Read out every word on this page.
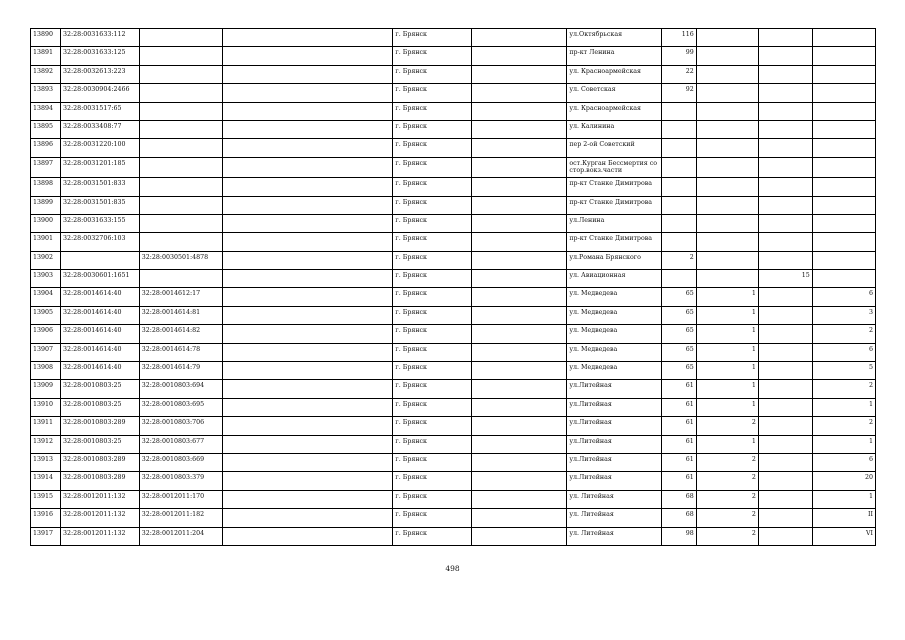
13890	32:28:0031633:112			г. Брянск		ул.Октябрьская	116			
13891	32:28:0031633:125			г. Брянск		пр-кт Ленина	99			
13892	32:28:0032613:223			г. Брянск		ул. Красноармейская	22			
13893	32:28:0030904:2466			г. Брянск		ул. Советская	92			
13894	32:28:0031517:65			г. Брянск		ул. Красноармейская				
13895	32:28:0033408:77			г. Брянск		ул. Калинина				
13896	32:28:0031220:100			г. Брянск		пер 2-ой Советский				
13897	32:28:0031201:185			г. Брянск		ост.Курган Бессмертия со стор.вокз.части				
13898	32:28:0031501:833			г. Брянск		пр-кт Станке Димитрова				
13899	32:28:0031501:835			г. Брянск		пр-кт Станке Димитрова				
13900	32:28:0031633:155			г. Брянск		ул.Ленина				
13901	32:28:0032706:103			г. Брянск		пр-кт Станке Димитрова				
13902		32:28:0030501:4878		г. Брянск		ул.Романа Брянского	2			
13903	32:28:0030601:1651			г. Брянск		ул. Авиационная			15	
13904	32:28:0014614:40	32:28:0014612:17		г. Брянск		ул. Медведева	65	1		6
13905	32:28:0014614:40	32:28:0014614:81		г. Брянск		ул. Медведева	65	1		3
13906	32:28:0014614:40	32:28:0014614:82		г. Брянск		ул. Медведева	65	1		2
13907	32:28:0014614:40	32:28:0014614:78		г. Брянск		ул. Медведева	65	1		6
13908	32:28:0014614:40	32:28:0014614:79		г. Брянск		ул. Медведева	65	1		5
13909	32:28:0010803:25	32:28:0010803:694		г. Брянск		ул.Литейная	61	1		2
13910	32:28:0010803:25	32:28:0010803:695		г. Брянск		ул.Литейная	61	1		1
13911	32:28:0010803:289	32:28:0010803:706		г. Брянск		ул.Литейная	61	2		2
13912	32:28:0010803:25	32:28:0010803:677		г. Брянск		ул.Литейная	61	1		1
13913	32:28:0010803:289	32:28:0010803:669		г. Брянск		ул.Литейная	61	2		6
13914	32:28:0010803:289	32:28:0010803:379		г. Брянск		ул.Литейная	61	2		20
13915	32:28:0012011:132	32:28:0012011:170		г. Брянск		ул. Литейная	68	2		1
13916	32:28:0012011:132	32:28:0012011:182		г. Брянск		ул. Литейная	68	2		II
13917	32:28:0012011:132	32:28:0012011:204		г. Брянск		ул. Литейная	98	2		VI
498
